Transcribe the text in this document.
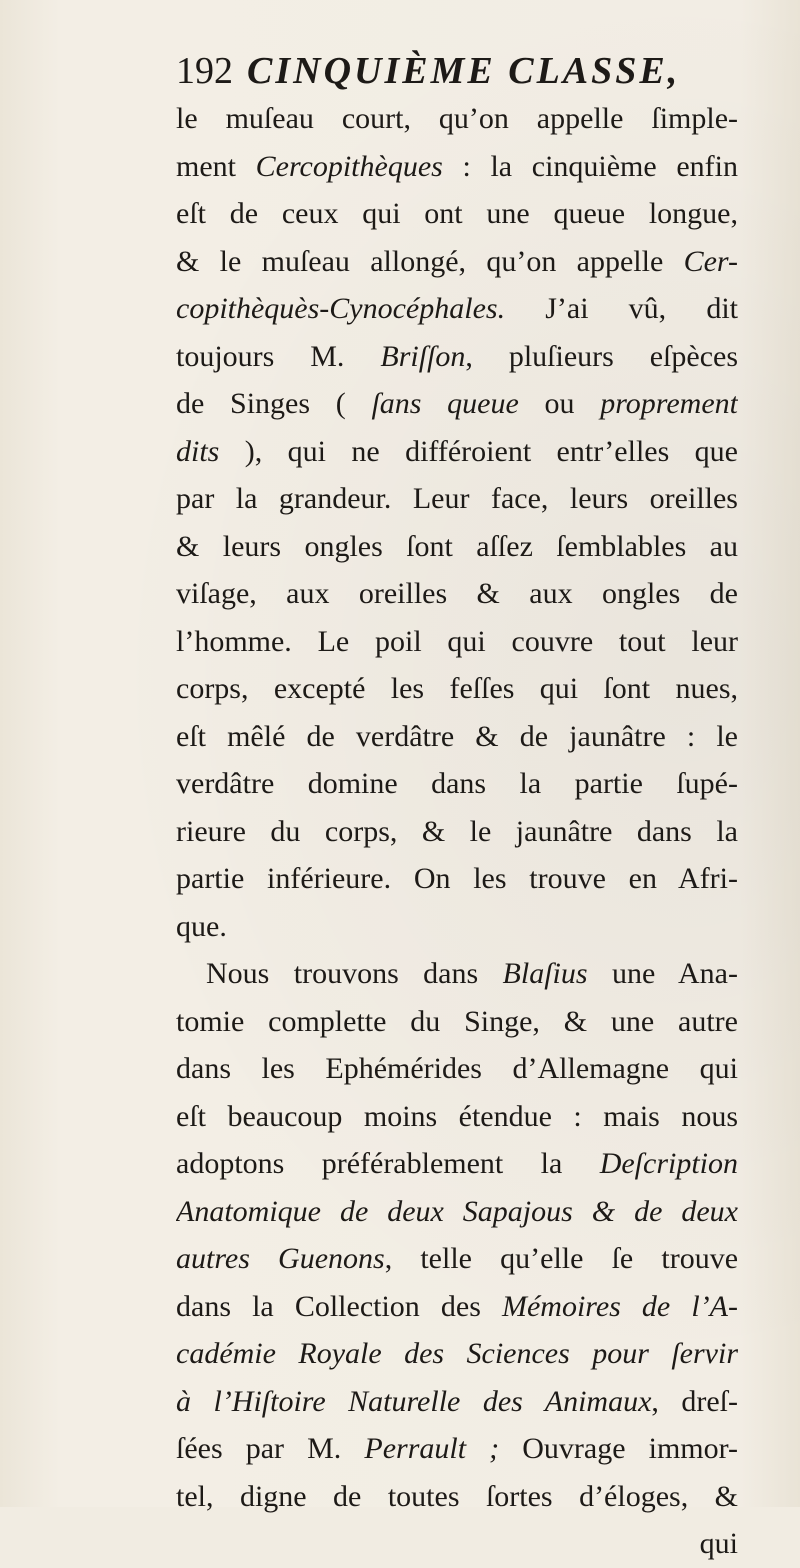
192 CINQUIÈME CLASSE,
le muſeau court, qu’on appelle ſimple-
ment Cercopithèques : la cinquième enfin
eſt de ceux qui ont une queue longue,
& le muſeau allongé, qu’on appelle Cer-
copithèquès-Cynocéphales. J’ai vû, dit
toujours M. Briſſon, pluſieurs eſpèces
de Singes ( ſans queue ou proprement
dits ), qui ne différoient entr’elles que
par la grandeur. Leur face, leurs oreilles
& leurs ongles ſont aſſez ſemblables au
viſage, aux oreilles & aux ongles de
l’homme. Le poil qui couvre tout leur
corps, excepté les feſſes qui ſont nues,
eſt mêlé de verdâtre & de jaunâtre : le
verdâtre domine dans la partie ſupé-
rieure du corps, & le jaunâtre dans la
partie inférieure. On les trouve en Afri-
que.
Nous trouvons dans Blaſius une Ana-
tomie complette du Singe, & une autre
dans les Ephémérides d’Allemagne qui
eſt beaucoup moins étendue : mais nous
adoptons préférablement la Deſcription
Anatomique de deux Sapajous & de deux
autres Guenons, telle qu’elle ſe trouve
dans la Collection des Mémoires de l’A-
cadémie Royale des Sciences pour ſervir
à l’Hiſtoire Naturelle des Animaux, dreſ-
ſées par M. Perrault ; Ouvrage immor-
tel, digne de toutes ſortes d’éloges, &
qui
